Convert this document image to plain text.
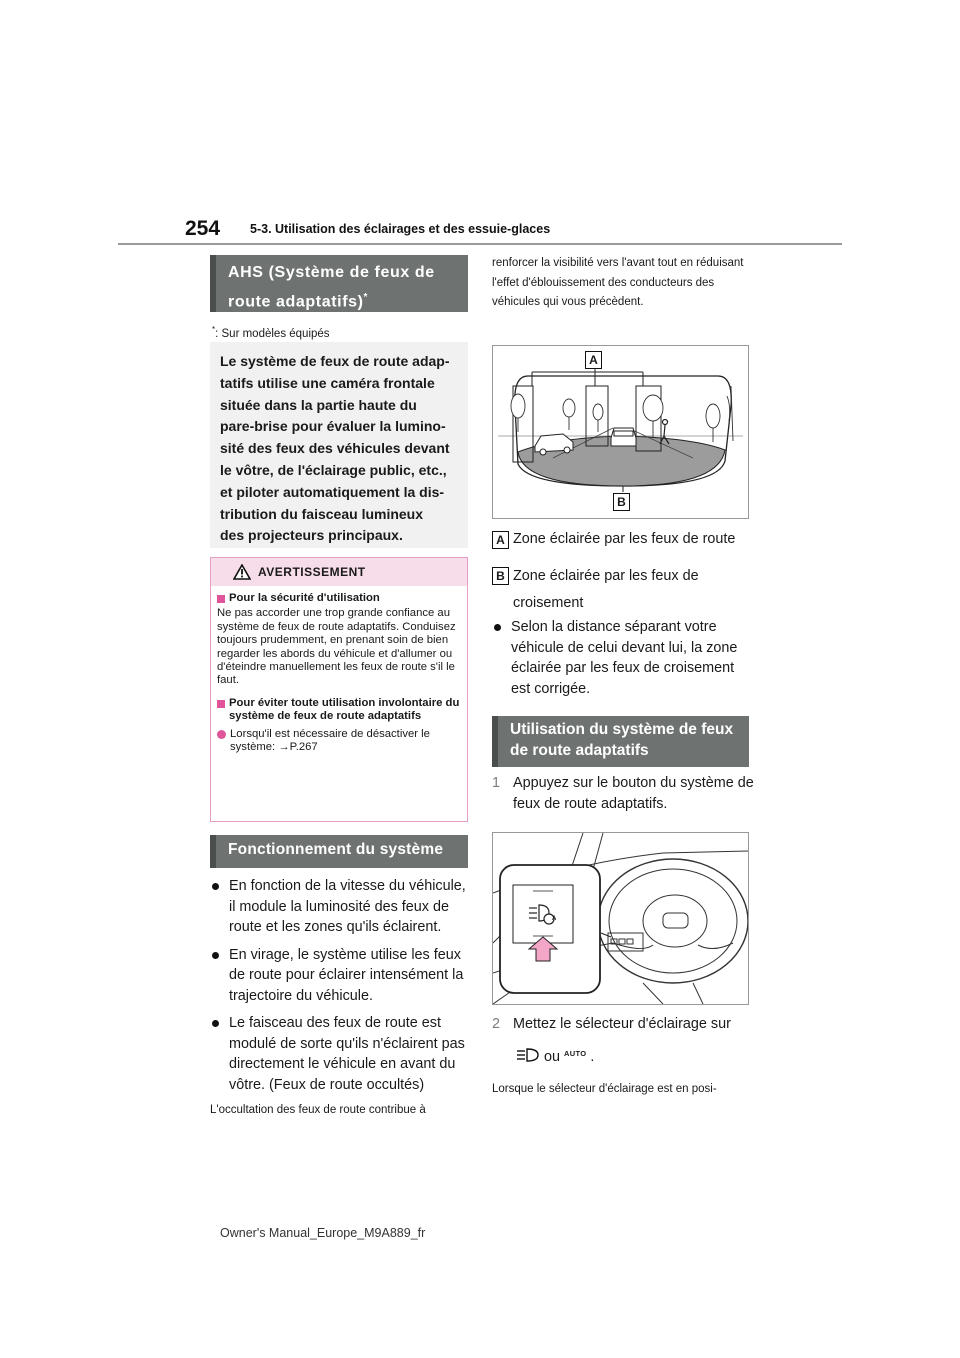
254 5-3. Utilisation des éclairages et des essuie-glaces
AHS (Système de feux de
route adaptatifs)*
*: Sur modèles équipés
Le système de feux de route adap-
tatifs utilise une caméra frontale
située dans la partie haute du
pare-brise pour évaluer la lumino-
sité des feux des véhicules devant
le vôtre, de l'éclairage public, etc.,
et piloter automatiquement la dis-
tribution du faisceau lumineux
des projecteurs principaux.
AVERTISSEMENT
Pour la sécurité d'utilisation
Ne pas accorder une trop grande confiance au système de feux de route adaptatifs. Conduisez toujours prudemment, en prenant soin de bien regarder les abords du véhicule et d'allumer ou d'éteindre manuellement les feux de route s'il le faut.
Pour éviter toute utilisation involontaire du système de feux de route adaptatifs
Lorsqu'il est nécessaire de désactiver le système: →P.267
Fonctionnement du système
En fonction de la vitesse du véhicule, il module la luminosité des feux de route et les zones qu'ils éclairent.
En virage, le système utilise les feux de route pour éclairer intensément la trajectoire du véhicule.
Le faisceau des feux de route est modulé de sorte qu'ils n'éclairent pas directement le véhicule en avant du vôtre. (Feux de route occultés)
L'occultation des feux de route contribue à
renforcer la visibilité vers l'avant tout en réduisant l'effet d'éblouissement des conducteurs des véhicules qui vous précèdent.
A
B
A Zone éclairée par les feux de route
B Zone éclairée par les feux de croisement
Selon la distance séparant votre véhicule de celui devant lui, la zone éclairée par les feux de croisement est corrigée.
Utilisation du système de feux de route adaptatifs
1 Appuyez sur le bouton du système de feux de route adaptatifs.
A
2 Mettez le sélecteur d'éclairage sur
ou AUTO .
Lorsque le sélecteur d'éclairage est en posi-
Owner's Manual_Europe_M9A889_fr
